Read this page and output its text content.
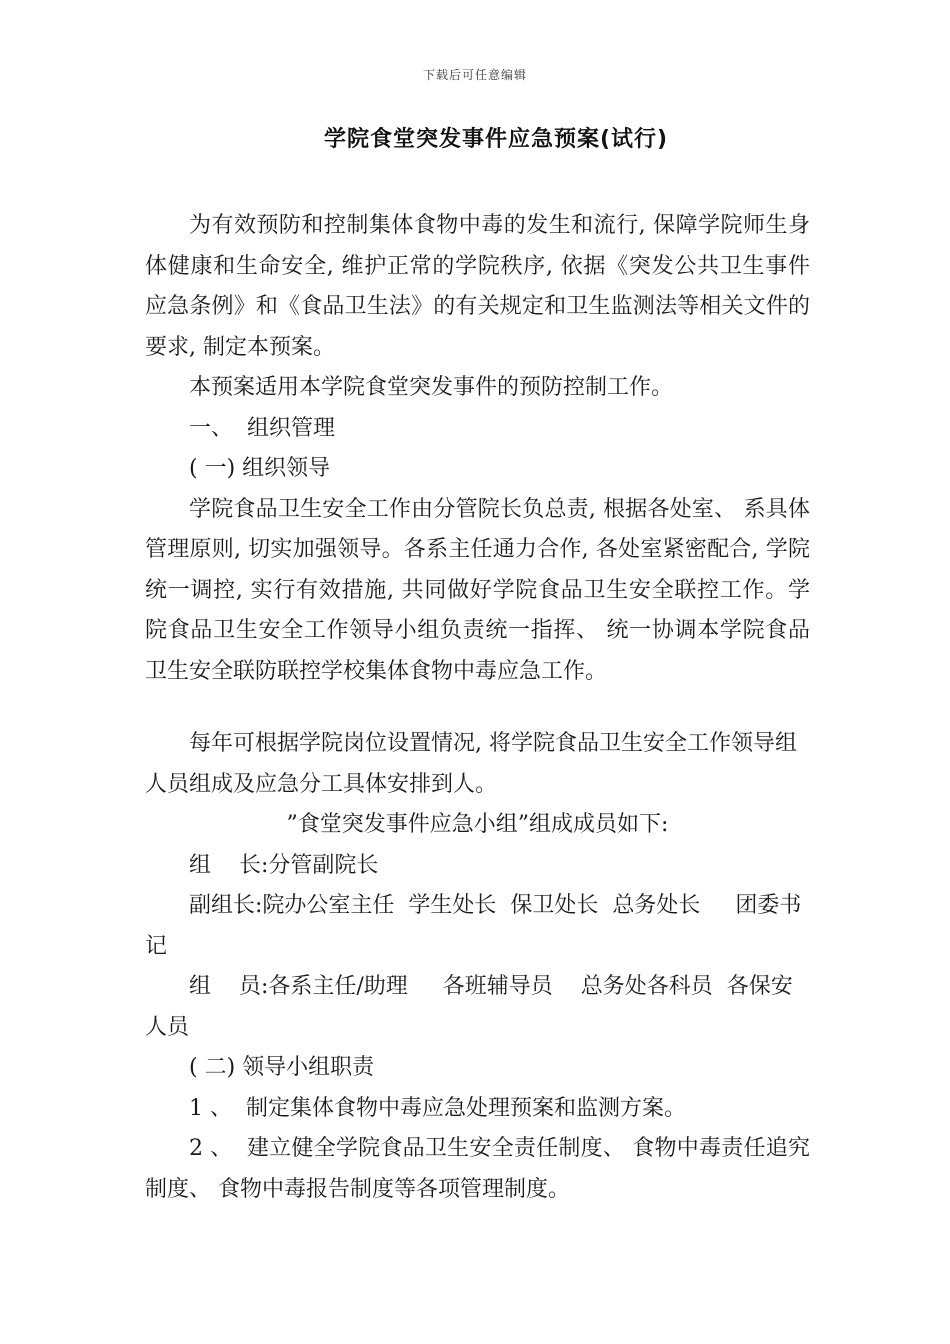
下载后可任意编辑
学院食堂突发事件应急预案(试行)

为有效预防和控制集体食物中毒的发生和流行, 保障学院师生身体健康和生命安全, 维护正常的学院秩序, 依据《突发公共卫生事件应急条例》和《食品卫生法》的有关规定和卫生监测法等相关文件的要求, 制定本预案。

本预案适用本学院食堂突发事件的预防控制工作。

一、  组织管理

( 一) 组织领导

学院食品卫生安全工作由分管院长负总责, 根据各处室、 系具体管理原则, 切实加强领导。各系主任通力合作, 各处室紧密配合, 学院统一调控, 实行有效措施, 共同做好学院食品卫生安全联控工作。学院食品卫生安全工作领导小组负责统一指挥、 统一协调本学院食品卫生安全联防联控学校集体食物中毒应急工作。

每年可根据学院岗位设置情况, 将学院食品卫生安全工作领导组人员组成及应急分工具体安排到人。

”食堂突发事件应急小组”组成成员如下:

组    长:分管副院长

副组长:院办公室主任  学生处长  保卫处长  总务处长     团委书记

组    员:各系主任/助理     各班辅导员    总务处各科员  各保安人员

( 二) 领导小组职责

1 、  制定集体食物中毒应急处理预案和监测方案。

2 、  建立健全学院食品卫生安全责任制度、 食物中毒责任追究制度、 食物中毒报告制度等各项管理制度。
